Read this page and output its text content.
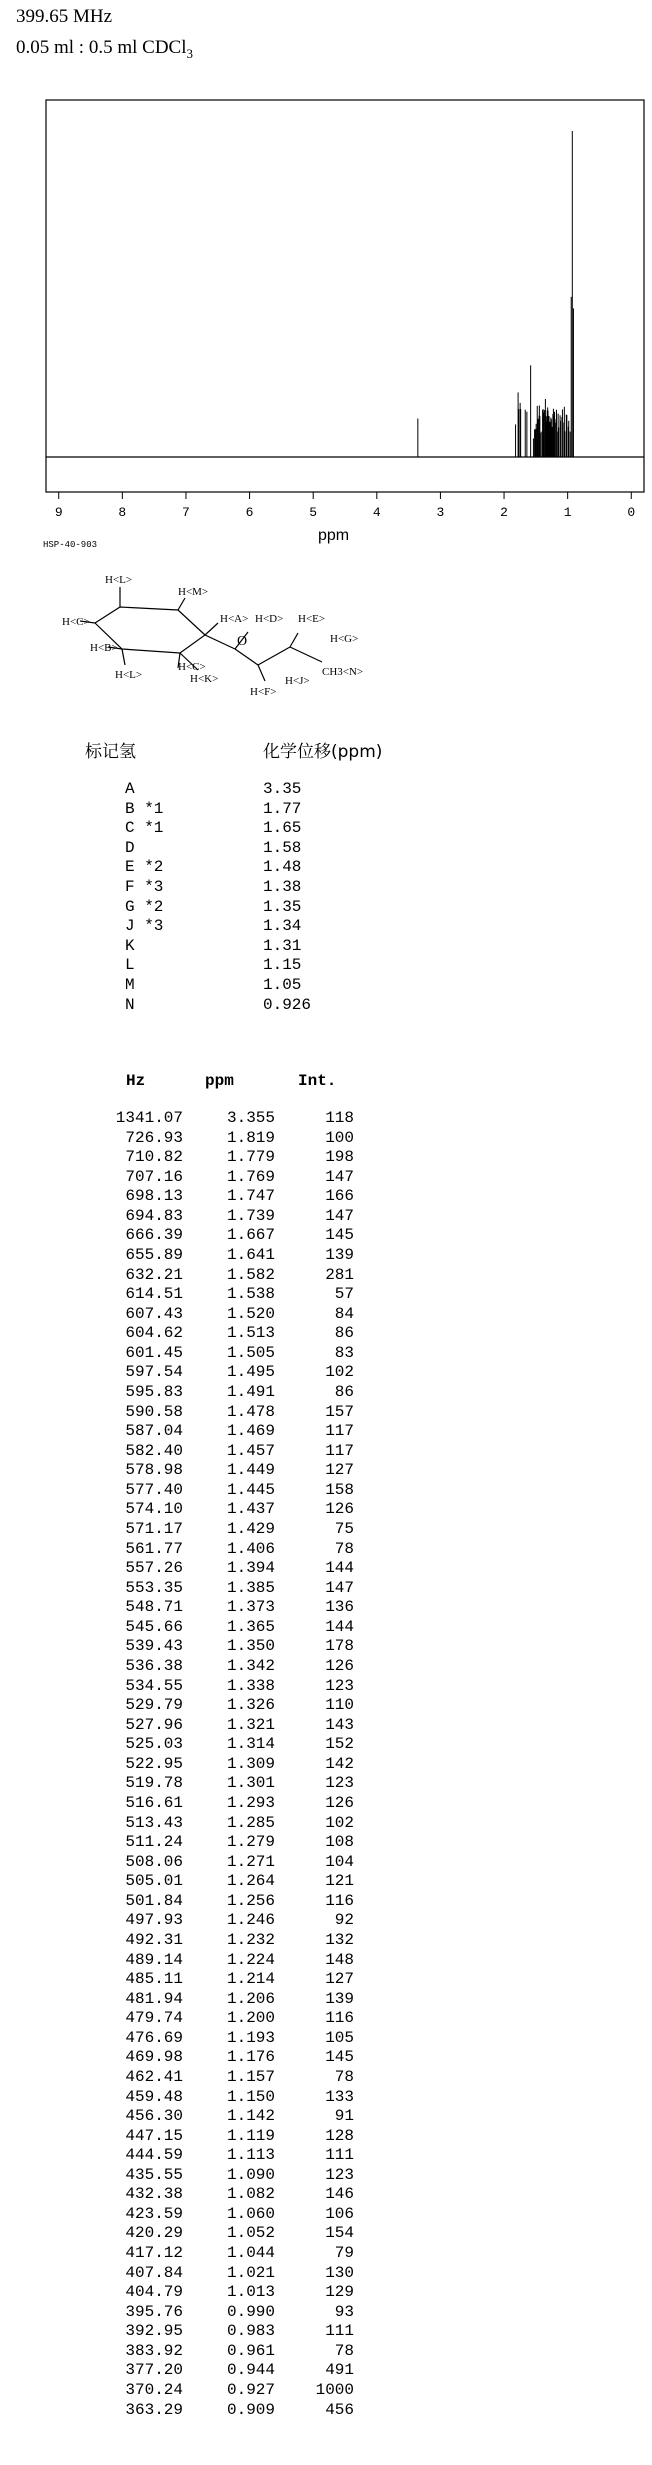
399.65 MHz
0.05 ml : 0.5 ml CDCl$_3$
9	8	7	6	5	4	3	2	1	0
HSP-40-903
ppm
H<L>
H<M>
H<C>
H<B>
H<A> H<D> H<E>
H<G>
O
H<C>	CH3<N>
H<L>	H<K>
H<F>
H<J>
标记氢	化学位移(ppm)
A	3.35
B *1	1.77
C *1	1.65
D	1.58
E *2	1.48
F *3	1.38
G *2	1.35
J *3	1.34
K	1.31
L	1.15
M	1.05
N	0.926
Hz	ppm	Int.
1341.07	3.355	118
726.93	1.819	100
710.82	1.779	198
707.16	1.769	147
698.13	1.747	166
694.83	1.739	147
666.39	1.667	145
655.89	1.641	139
632.21	1.582	281
614.51	1.538	57
607.43	1.520	84
604.62	1.513	86
601.45	1.505	83
597.54	1.495	102
595.83	1.491	86
590.58	1.478	157
587.04	1.469	117
582.40	1.457	117
578.98	1.449	127
577.40	1.445	158
574.10	1.437	126
571.17	1.429	75
561.77	1.406	78
557.26	1.394	144
553.35	1.385	147
548.71	1.373	136
545.66	1.365	144
539.43	1.350	178
536.38	1.342	126
534.55	1.338	123
529.79	1.326	110
527.96	1.321	143
525.03	1.314	152
522.95	1.309	142
519.78	1.301	123
516.61	1.293	126
513.43	1.285	102
511.24	1.279	108
508.06	1.271	104
505.01	1.264	121
501.84	1.256	116
497.93	1.246	92
492.31	1.232	132
489.14	1.224	148
485.11	1.214	127
481.94	1.206	139
479.74	1.200	116
476.69	1.193	105
469.98	1.176	145
462.41	1.157	78
459.48	1.150	133
456.30	1.142	91
447.15	1.119	128
444.59	1.113	111
435.55	1.090	123
432.38	1.082	146
423.59	1.060	106
420.29	1.052	154
417.12	1.044	79
407.84	1.021	130
404.79	1.013	129
395.76	0.990	93
392.95	0.983	111
383.92	0.961	78
377.20	0.944	491
370.24	0.927	1000
363.29	0.909	456
